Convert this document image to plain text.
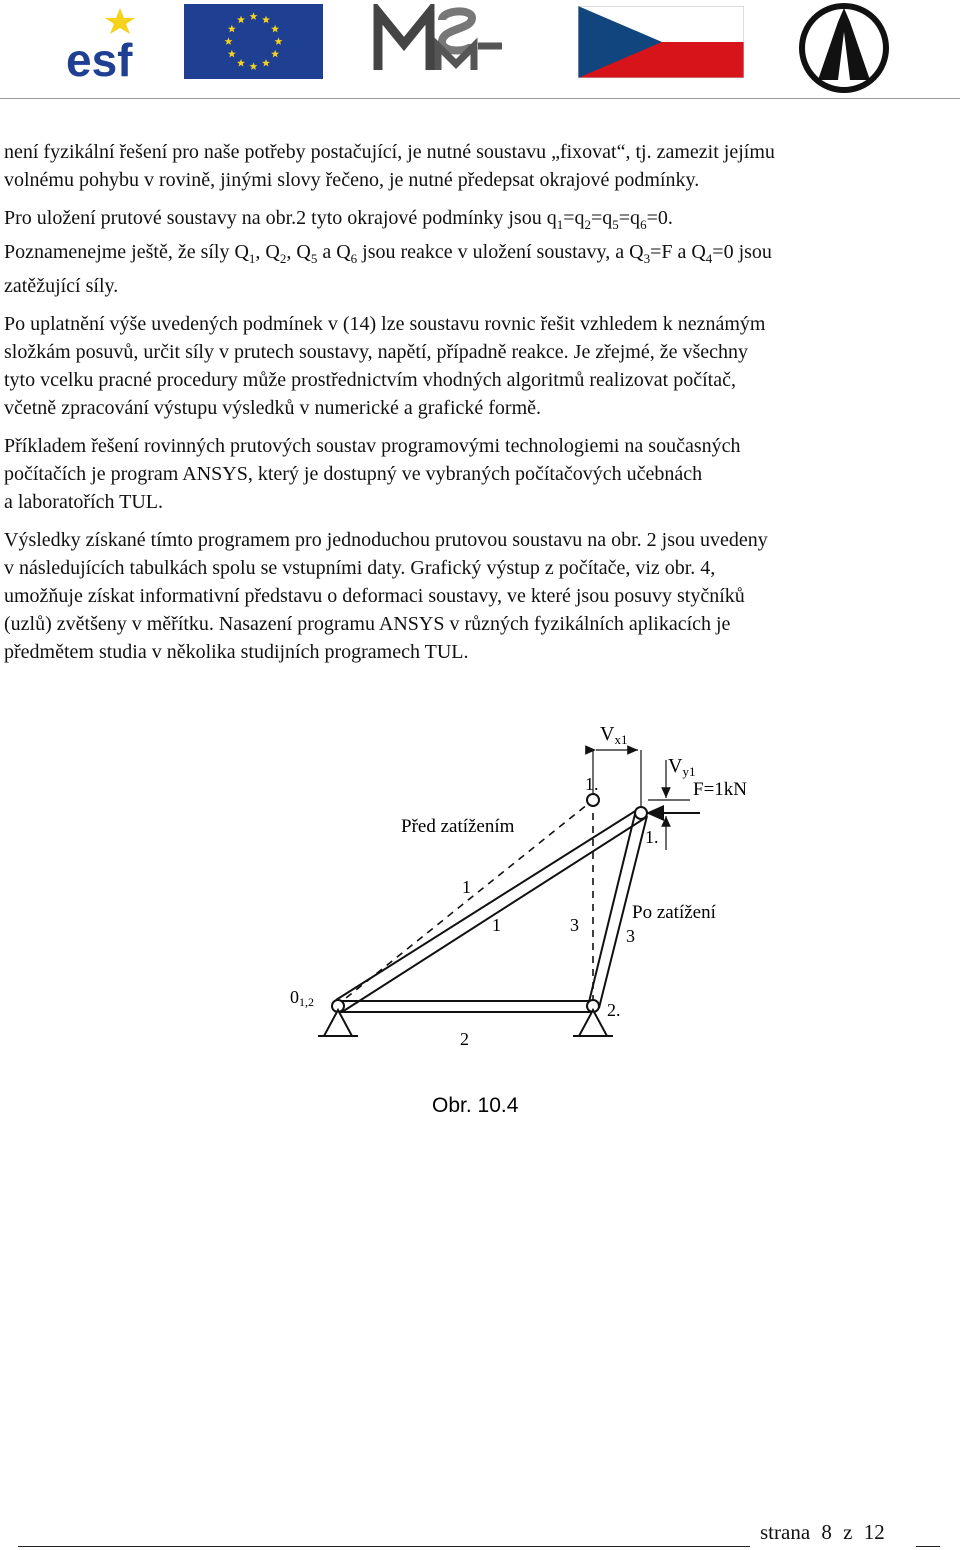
esf
MŠMT

není fyzikální řešení pro naše potřeby postačující, je nutné soustavu „fixovat“, tj. zamezit jejímu

volnému pohybu v rovině, jinými slovy řečeno, je nutné předepsat okrajové podmínky.

Pro uložení prutové soustavy na obr.2 tyto okrajové podmínky jsou $q_1=q_2=q_5=q_6=0$.

Poznamenejme ještě, že síly $Q_1$, $Q_2$, $Q_5$ a $Q_6$ jsou reakce v uložení soustavy, a $Q_3=F$ a $Q_4=0$ jsou

zatěžující síly.

Po uplatnění výše uvedených podmínek v (14) lze soustavu rovnic řešit vzhledem k neznámým

složkám posuvů, určit síly v prutech soustavy, napětí, případně reakce. Je zřejmé, že všechny

tyto vcelku pracné procedury může prostřednictvím vhodných algoritmů realizovat počítač,

včetně zpracování výstupu výsledků v numerické a grafické formě.

Příkladem řešení rovinných prutových soustav programovými technologiemi na současných

počítačích je program ANSYS, který je dostupný ve vybraných počítačových učebnách

a laboratořích TUL.

Výsledky získané tímto programem pro jednoduchou prutovou soustavu na obr. 2 jsou uvedeny

v následujících tabulkách spolu se vstupními daty. Grafický výstup z počítače, viz obr. 4,

umožňuje získat informativní představu o deformaci soustavy, ve které jsou posuvy styčníků

(uzlů) zvětšeny v měřítku. Nasazení programu ANSYS v různých fyzikálních aplikacích je

předmětem studia v několika studijních programech TUL.

$V_{x1}$
$V_{y1}$
F=1kN
1.
1.
Před zatížením
Po zatížení
1
1	3
3
01,2	2.
2
Obr. 10.4
strana 8 z 12
